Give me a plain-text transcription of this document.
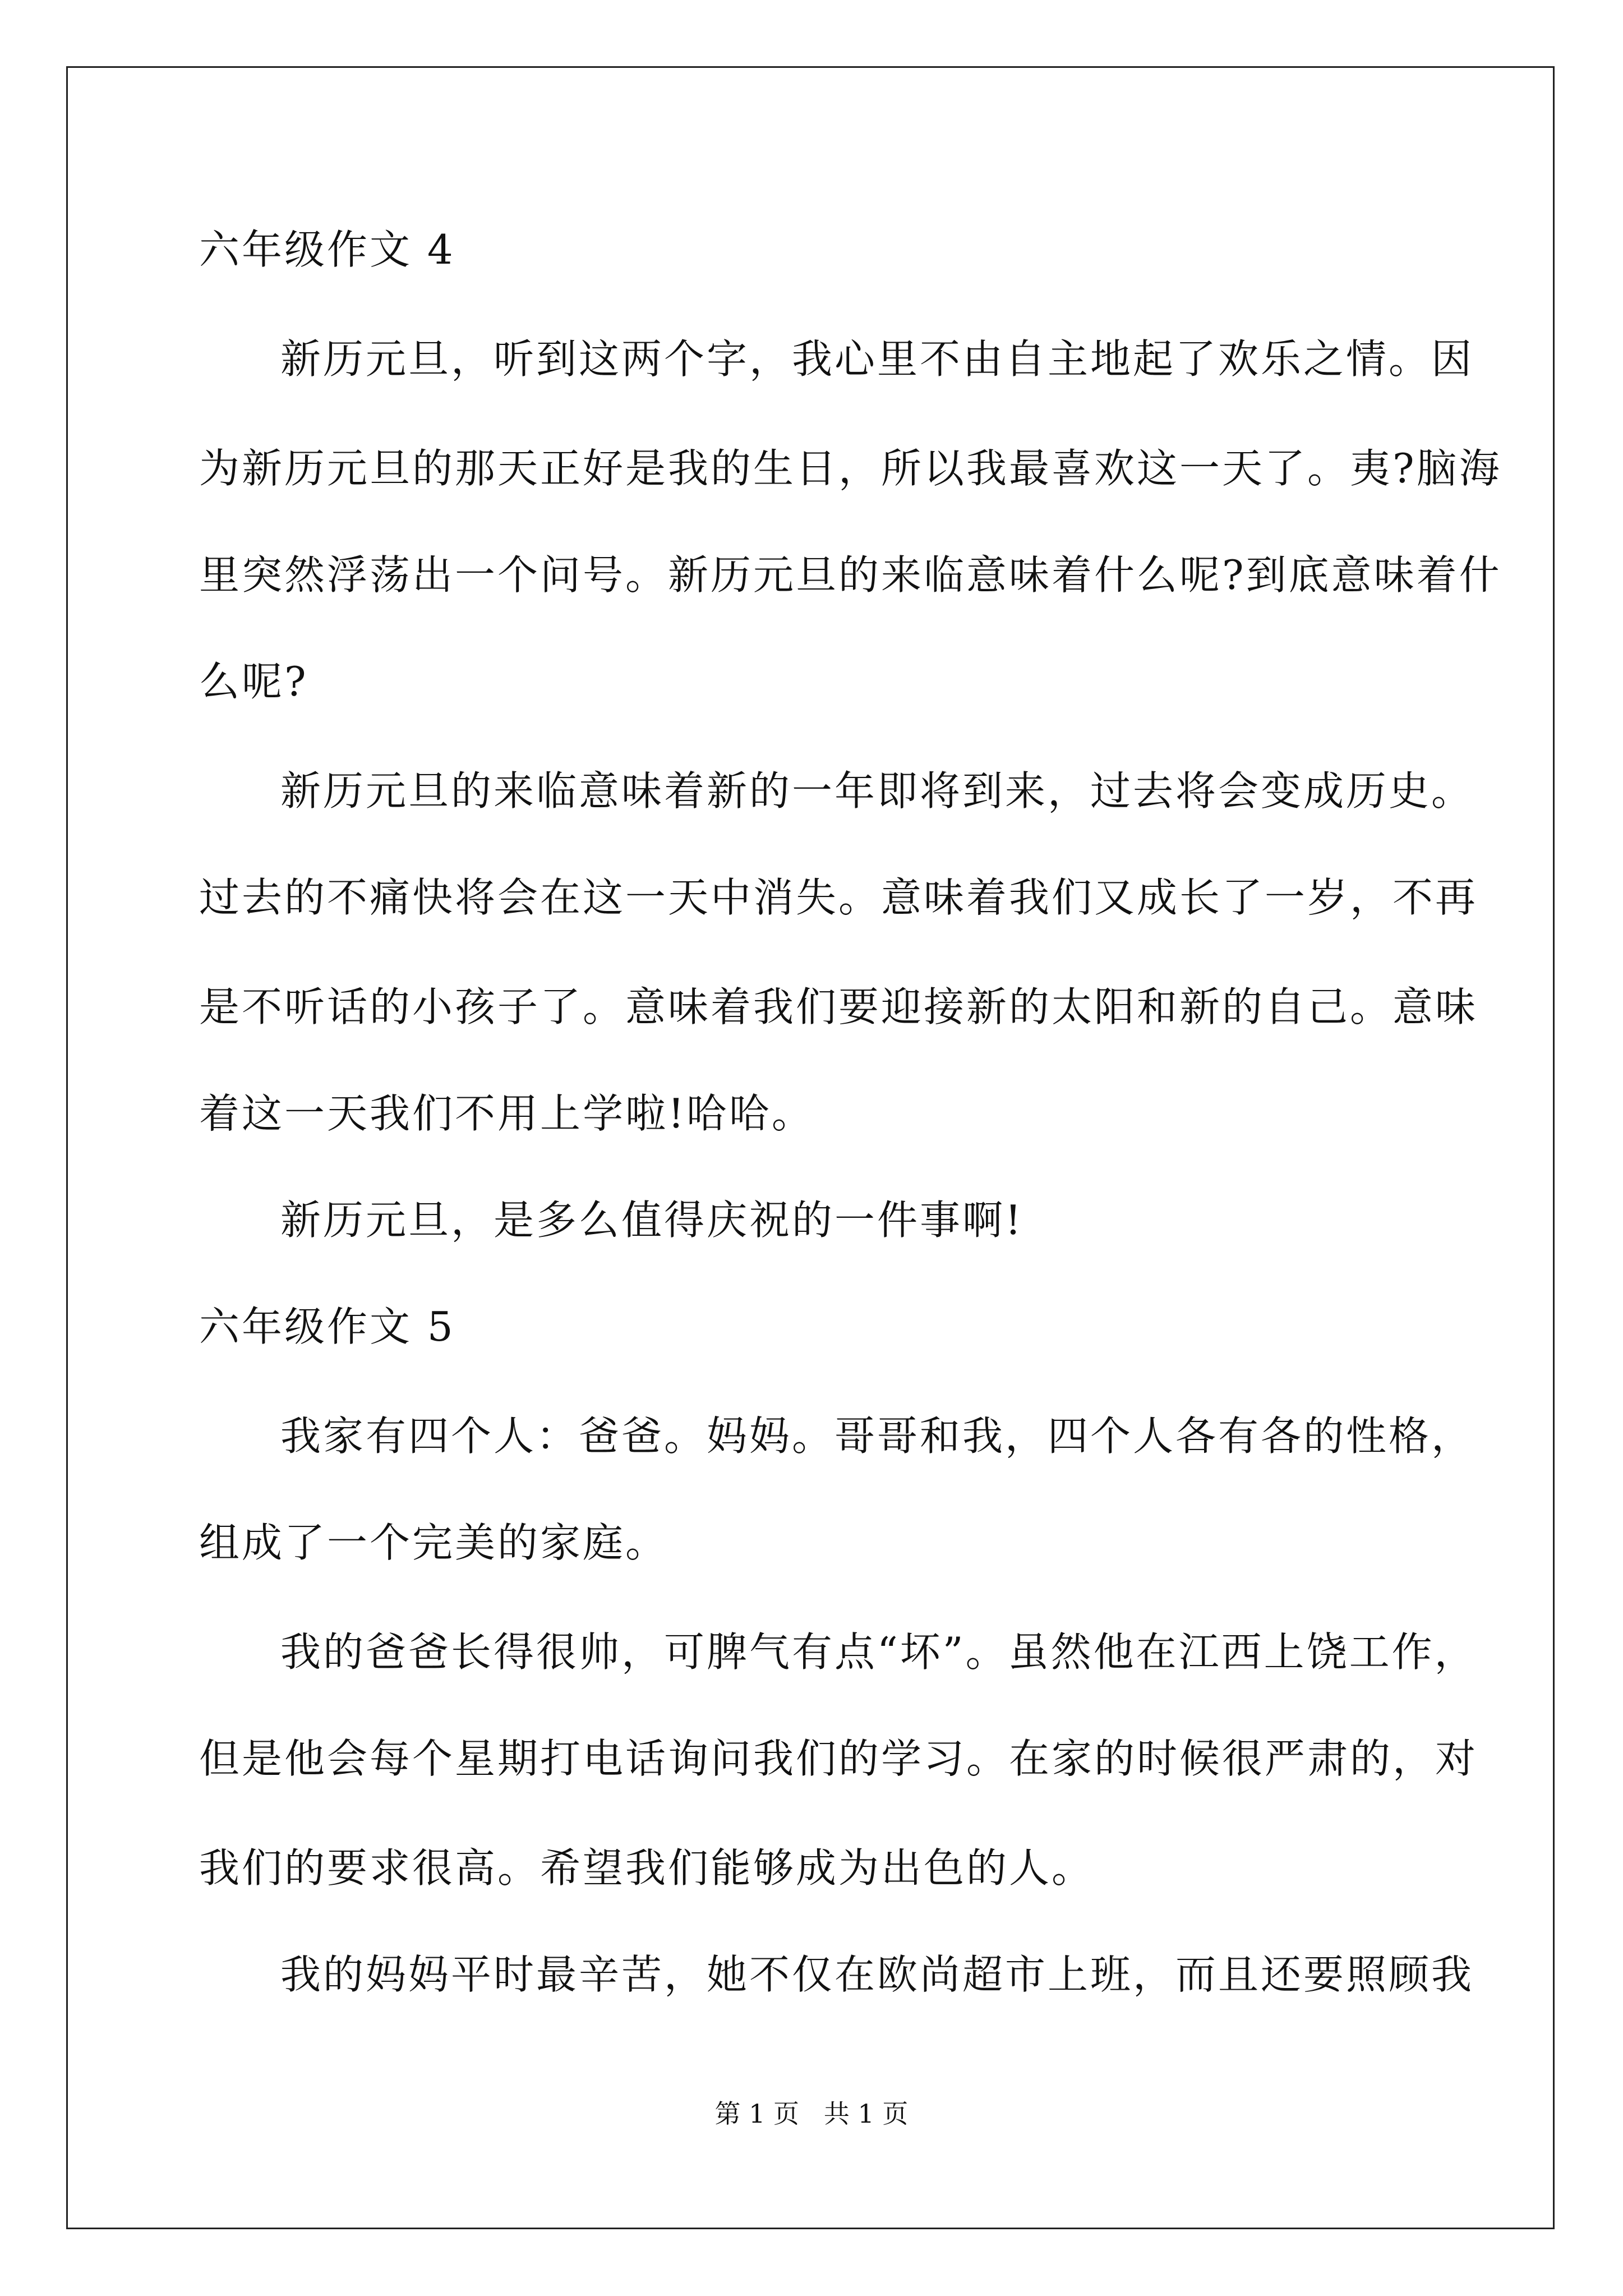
六年级作文 4
新历元旦，听到这两个字，我心里不由自主地起了欢乐之情。因
为新历元旦的那天正好是我的生日，所以我最喜欢这一天了。夷?脑海
里突然浮荡出一个问号。新历元旦的来临意味着什么呢?到底意味着什
么呢?
新历元旦的来临意味着新的一年即将到来，过去将会变成历史。
过去的不痛快将会在这一天中消失。意味着我们又成长了一岁，不再
是不听话的小孩子了。意味着我们要迎接新的太阳和新的自己。意味
着这一天我们不用上学啦!哈哈。
新历元旦，是多么值得庆祝的一件事啊!
六年级作文 5
我家有四个人：爸爸。妈妈。哥哥和我，四个人各有各的性格，
组成了一个完美的家庭。
我的爸爸长得很帅，可脾气有点“坏”。虽然他在江西上饶工作，
但是他会每个星期打电话询问我们的学习。在家的时候很严肃的，对
我们的要求很高。希望我们能够成为出色的人。
我的妈妈平时最辛苦，她不仅在欧尚超市上班，而且还要照顾我
第 1 页   共 1 页
